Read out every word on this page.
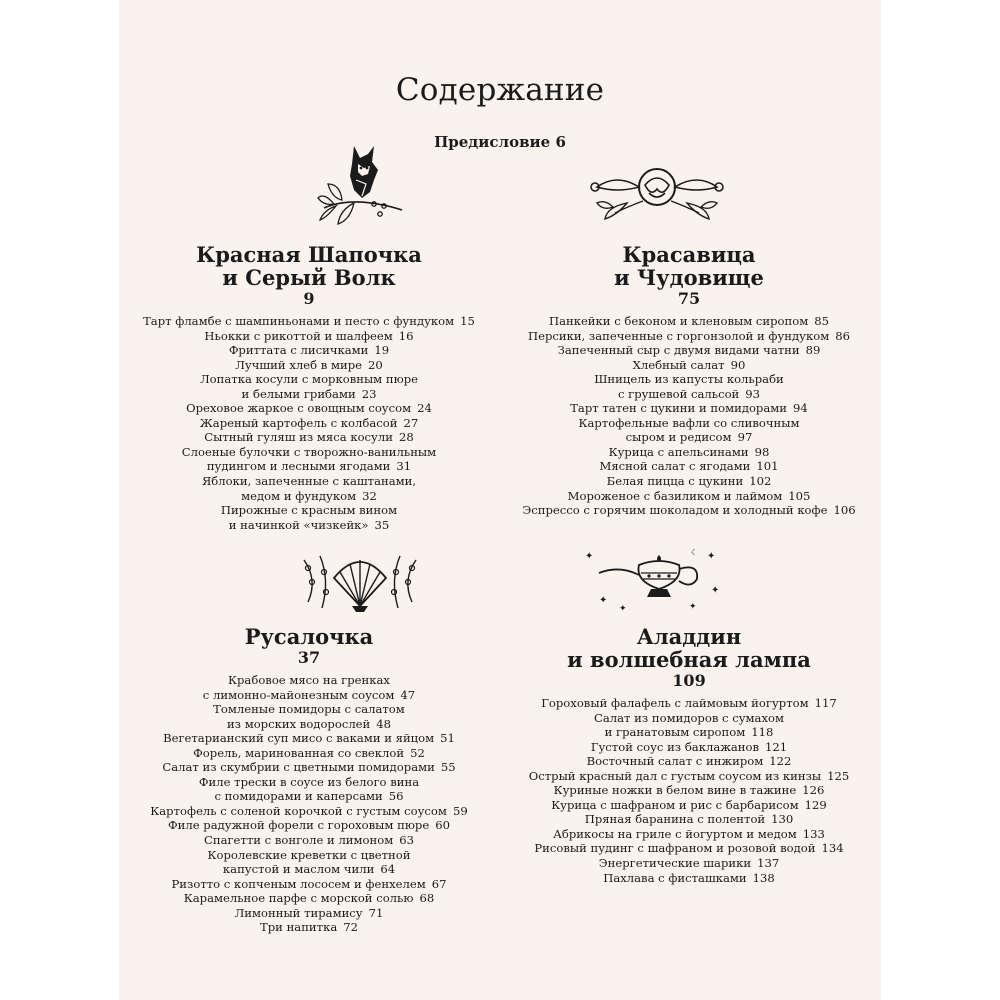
Содержание
Предисловие 6
✦
✦
✦
✦
✦
✦
☾
Красная Шапочка
и Серый Волк
9
Тарт фламбе с шампиньонами и песто с фундуком 15
Ньокки с рикоттой и шалфеем 16
Фриттата с лисичками 19
Лучший хлеб в мире 20
Лопатка косули с морковным пюре
и белыми грибами 23
Ореховое жаркое с овощным соусом 24
Жареный картофель с колбасой 27
Сытный гуляш из мяса косули 28
Слоеные булочки с творожно-ванильным
пудингом и лесными ягодами 31
Яблоки, запеченные с каштанами,
медом и фундуком 32
Пирожные с красным вином
и начинкой «чизкейк» 35
Красавица
и Чудовище
75
Панкейки с беконом и кленовым сиропом 85
Персики, запеченные с горгонзолой и фундуком 86
Запеченный сыр с двумя видами чатни 89
Хлебный салат 90
Шницель из капусты кольраби
с грушевой сальсой 93
Тарт татен с цукини и помидорами 94
Картофельные вафли со сливочным
сыром и редисом 97
Курица с апельсинами 98
Мясной салат с ягодами 101
Белая пицца с цукини 102
Мороженое с базиликом и лаймом 105
Эспрессо с горячим шоколадом и холодный кофе 106
Русалочка
37
Крабовое мясо на гренках
с лимонно-майонезным соусом 47
Томленые помидоры с салатом
из морских водорослей 48
Вегетарианский суп мисо с ваками и яйцом 51
Форель, маринованная со свеклой 52
Салат из скумбрии с цветными помидорами 55
Филе трески в соусе из белого вина
с помидорами и каперсами 56
Картофель с соленой корочкой с густым соусом 59
Филе радужной форели с гороховым пюре 60
Спагетти с вонголе и лимоном 63
Королевские креветки с цветной
капустой и маслом чили 64
Ризотто с копченым лососем и фенхелем 67
Карамельное парфе с морской солью 68
Лимонный тирамису 71
Три напитка 72
Аладдин
и волшебная лампа
109
Гороховый фалафель с лаймовым йогуртом 117
Салат из помидоров с сумахом
и гранатовым сиропом 118
Густой соус из баклажанов 121
Восточный салат с инжиром 122
Острый красный дал с густым соусом из кинзы 125
Куриные ножки в белом вине в тажине 126
Курица с шафраном и рис с барбарисом 129
Пряная баранина с полентой 130
Абрикосы на гриле с йогуртом и медом 133
Рисовый пудинг с шафраном и розовой водой 134
Энергетические шарики 137
Пахлава с фисташками 138
